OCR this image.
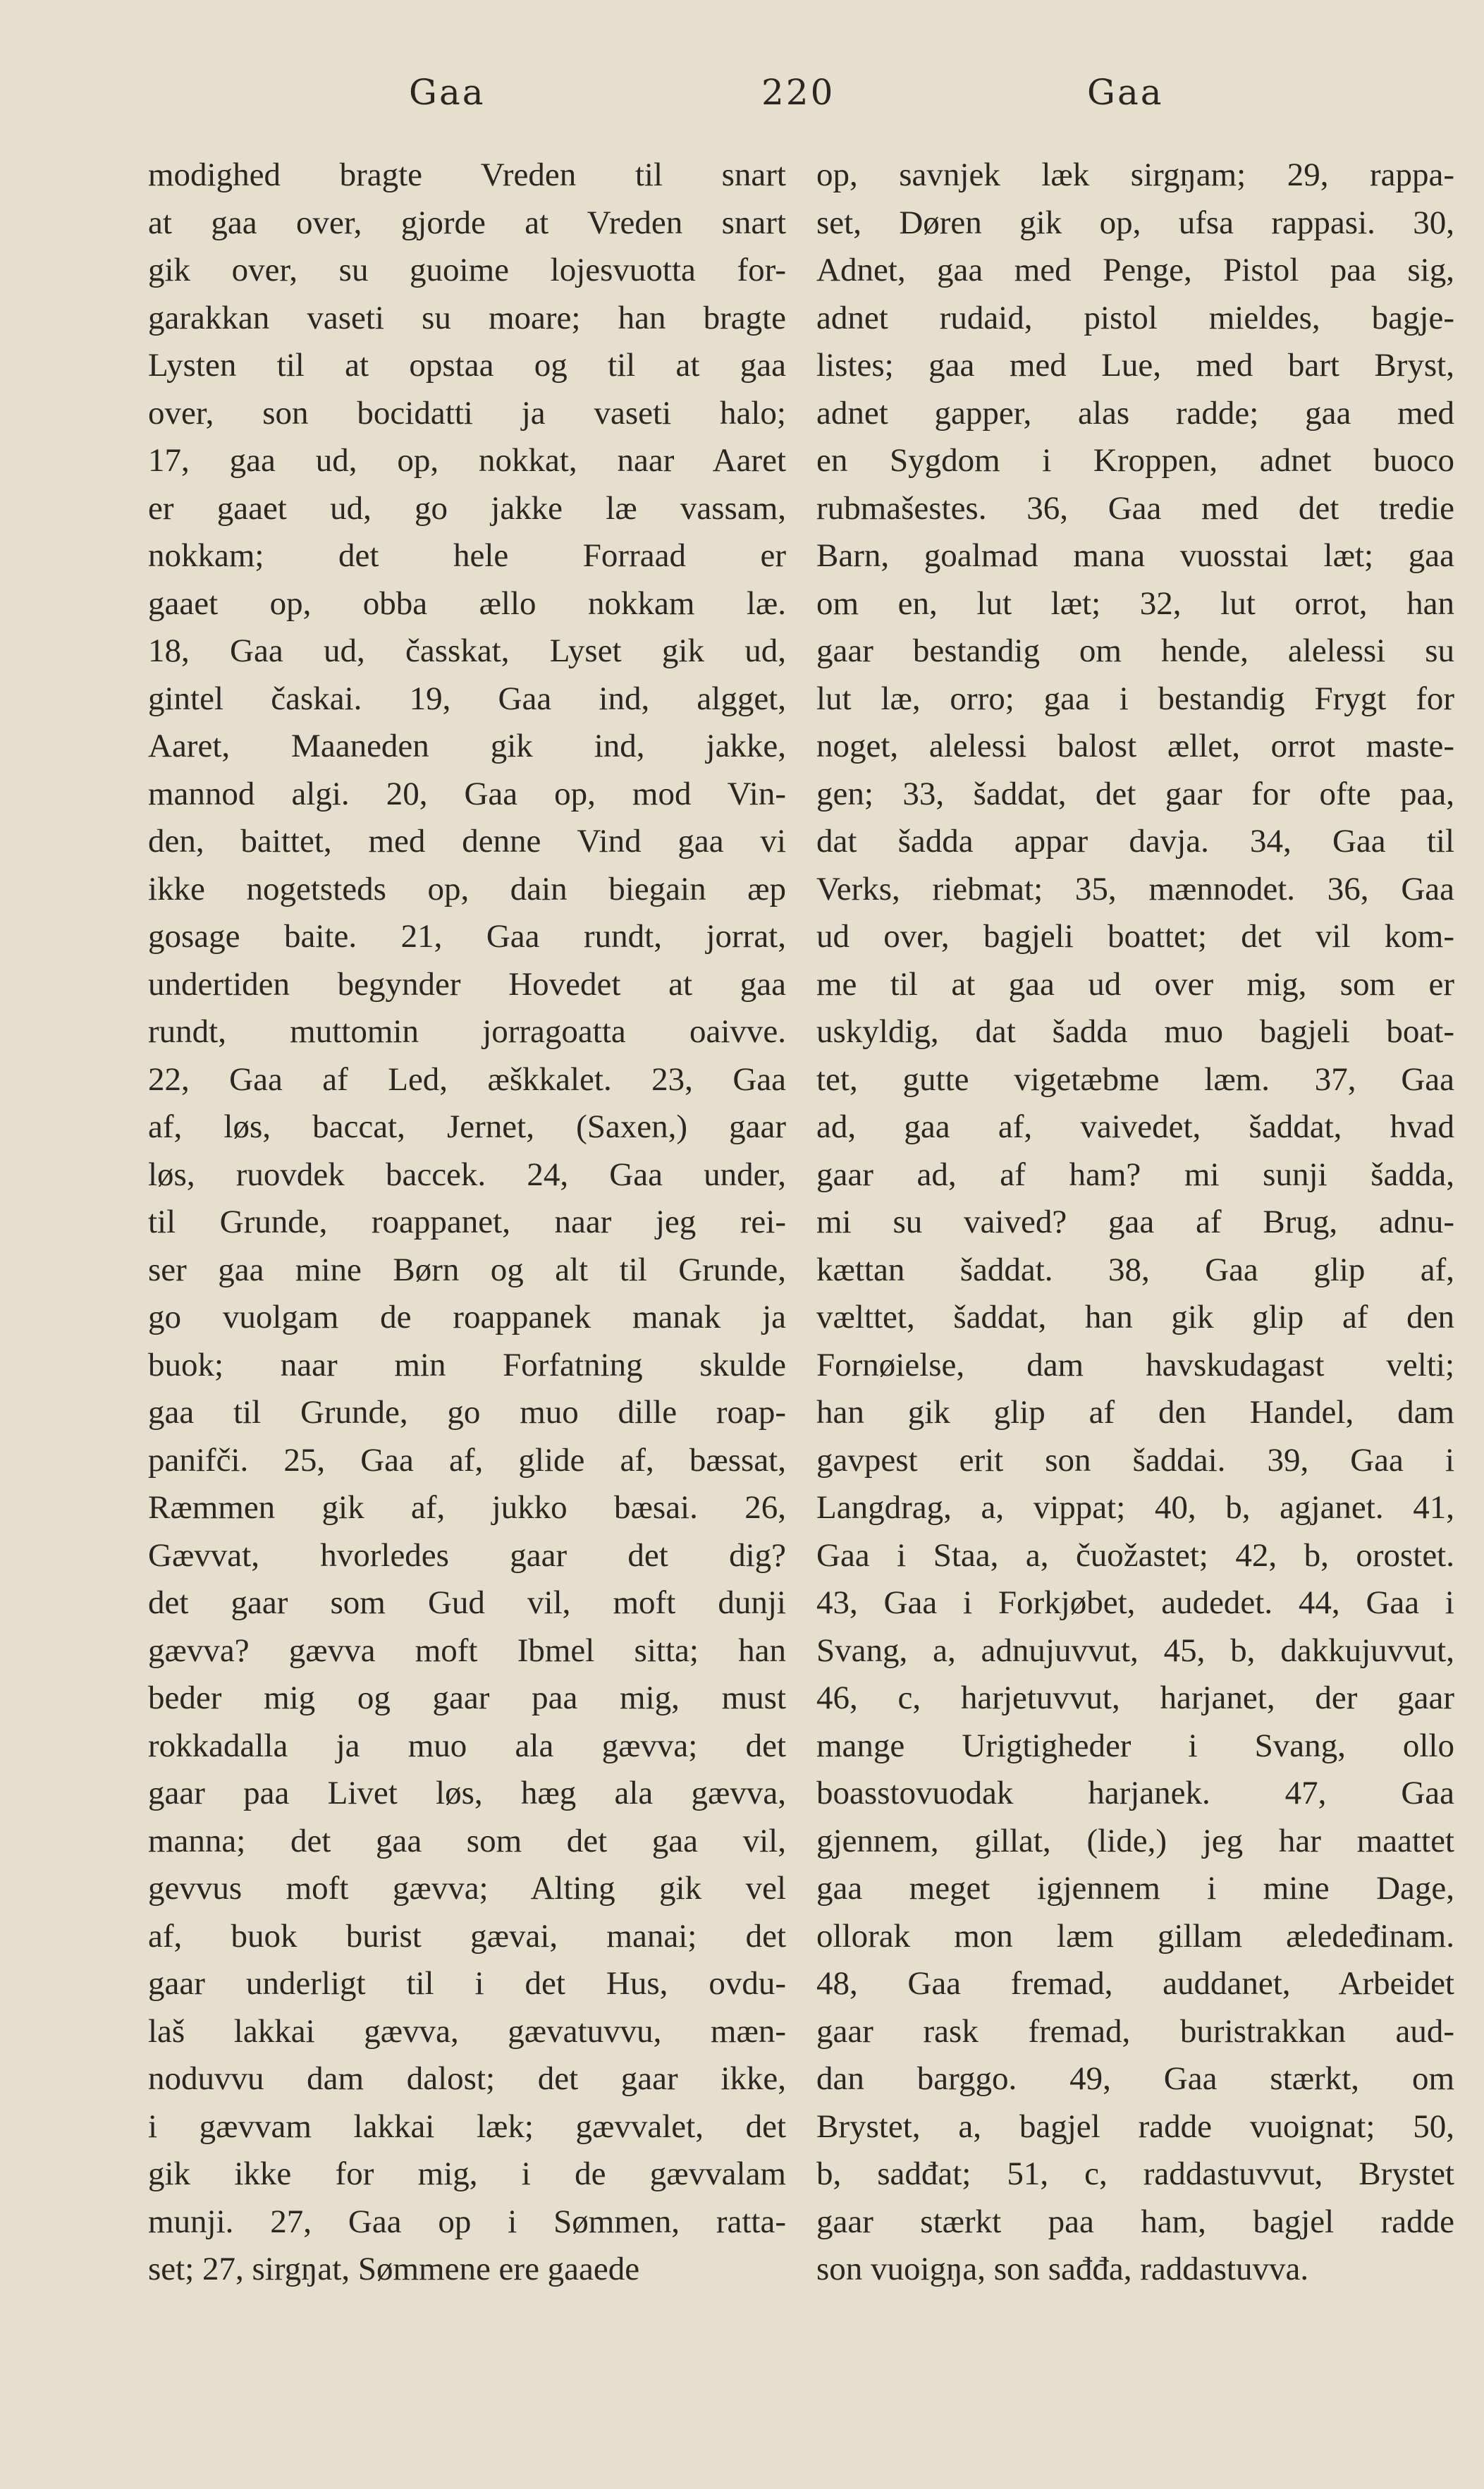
Gaa	220	Gaa
modighed bragte Vreden til snart
at gaa over, gjorde at Vreden snart
gik over, su guoime lojesvuotta for-
garakkan vaseti su moare; han bragte
Lysten til at opstaa og til at gaa
over, son bocidatti ja vaseti halo;
17, gaa ud, op, nokkat, naar Aaret
er gaaet ud, go jakke læ vassam,
nokkam; det hele Forraad er
gaaet op, obba ællo nokkam læ.
18, Gaa ud, časskat, Lyset gik ud,
gintel časkai. 19, Gaa ind, algget,
Aaret, Maaneden gik ind, jakke,
mannod algi. 20, Gaa op, mod Vin-
den, baittet, med denne Vind gaa vi
ikke nogetsteds op, dain biegain æp
gosage baite. 21, Gaa rundt, jorrat,
undertiden begynder Hovedet at gaa
rundt, muttomin jorragoatta oaivve.
22, Gaa af Led, æškkalet. 23, Gaa
af, løs, baccat, Jernet, (Saxen,) gaar
løs, ruovdek baccek. 24, Gaa under,
til Grunde, roappanet, naar jeg rei-
ser gaa mine Børn og alt til Grunde,
go vuolgam de roappanek manak ja
buok; naar min Forfatning skulde
gaa til Grunde, go muo dille roap-
panifči. 25, Gaa af, glide af, bæssat,
Ræmmen gik af, jukko bæsai. 26,
Gævvat, hvorledes gaar det dig?
det gaar som Gud vil, moft dunji
gævva? gævva moft Ibmel sitta; han
beder mig og gaar paa mig, must
rokkadalla ja muo ala gævva; det
gaar paa Livet løs, hæg ala gævva,
manna; det gaa som det gaa vil,
gevvus moft gævva; Alting gik vel
af, buok burist gævai, manai; det
gaar underligt til i det Hus, ovdu-
laš lakkai gævva, gævatuvvu, mæn-
noduvvu dam dalost; det gaar ikke,
i gævvam lakkai læk; gævvalet, det
gik ikke for mig, i de gævvalam
munji. 27, Gaa op i Sømmen, ratta-
set; 27, sirgŋat, Sømmene ere gaaede
op, savnjek læk sirgŋam; 29, rappa-
set, Døren gik op, ufsa rappasi. 30,
Adnet, gaa med Penge, Pistol paa sig,
adnet rudaid, pistol mieldes, bagje-
listes; gaa med Lue, med bart Bryst,
adnet gapper, alas radde; gaa med
en Sygdom i Kroppen, adnet buoco
rubmašestes. 36, Gaa med det tredie
Barn, goalmad mana vuosstai læt; gaa
om en, lut læt; 32, lut orrot, han
gaar bestandig om hende, alelessi su
lut læ, orro; gaa i bestandig Frygt for
noget, alelessi balost ællet, orrot maste-
gen; 33, šaddat, det gaar for ofte paa,
dat šadda appar davja. 34, Gaa til
Verks, riebmat; 35, mænnodet. 36, Gaa
ud over, bagjeli boattet; det vil kom-
me til at gaa ud over mig, som er
uskyldig, dat šadda muo bagjeli boat-
tet, gutte vigetæbme læm. 37, Gaa
ad, gaa af, vaivedet, šaddat, hvad
gaar ad, af ham? mi sunji šadda,
mi su vaived? gaa af Brug, adnu-
kættan šaddat. 38, Gaa glip af,
vælttet, šaddat, han gik glip af den
Fornøielse, dam havskudagast velti;
han gik glip af den Handel, dam
gavpest erit son šaddai. 39, Gaa i
Langdrag, a, vippat; 40, b, agjanet. 41,
Gaa i Staa, a, čuožastet; 42, b, orostet.
43, Gaa i Forkjøbet, audedet. 44, Gaa i
Svang, a, adnujuvvut, 45, b, dakkujuvvut,
46, c, harjetuvvut, harjanet, der gaar
mange Urigtigheder i Svang, ollo
boasstovuodak harjanek. 47, Gaa
gjennem, gillat, (lide,) jeg har maattet
gaa meget igjennem i mine Dage,
ollorak mon læm gillam æledeđinam.
48, Gaa fremad, auddanet, Arbeidet
gaar rask fremad, buristrakkan aud-
dan barggo. 49, Gaa stærkt, om
Brystet, a, bagjel radde vuoignat; 50,
b, sadđat; 51, c, raddastuvvut, Brystet
gaar stærkt paa ham, bagjel radde
son vuoigŋa, son sađđa, raddastuvva.
